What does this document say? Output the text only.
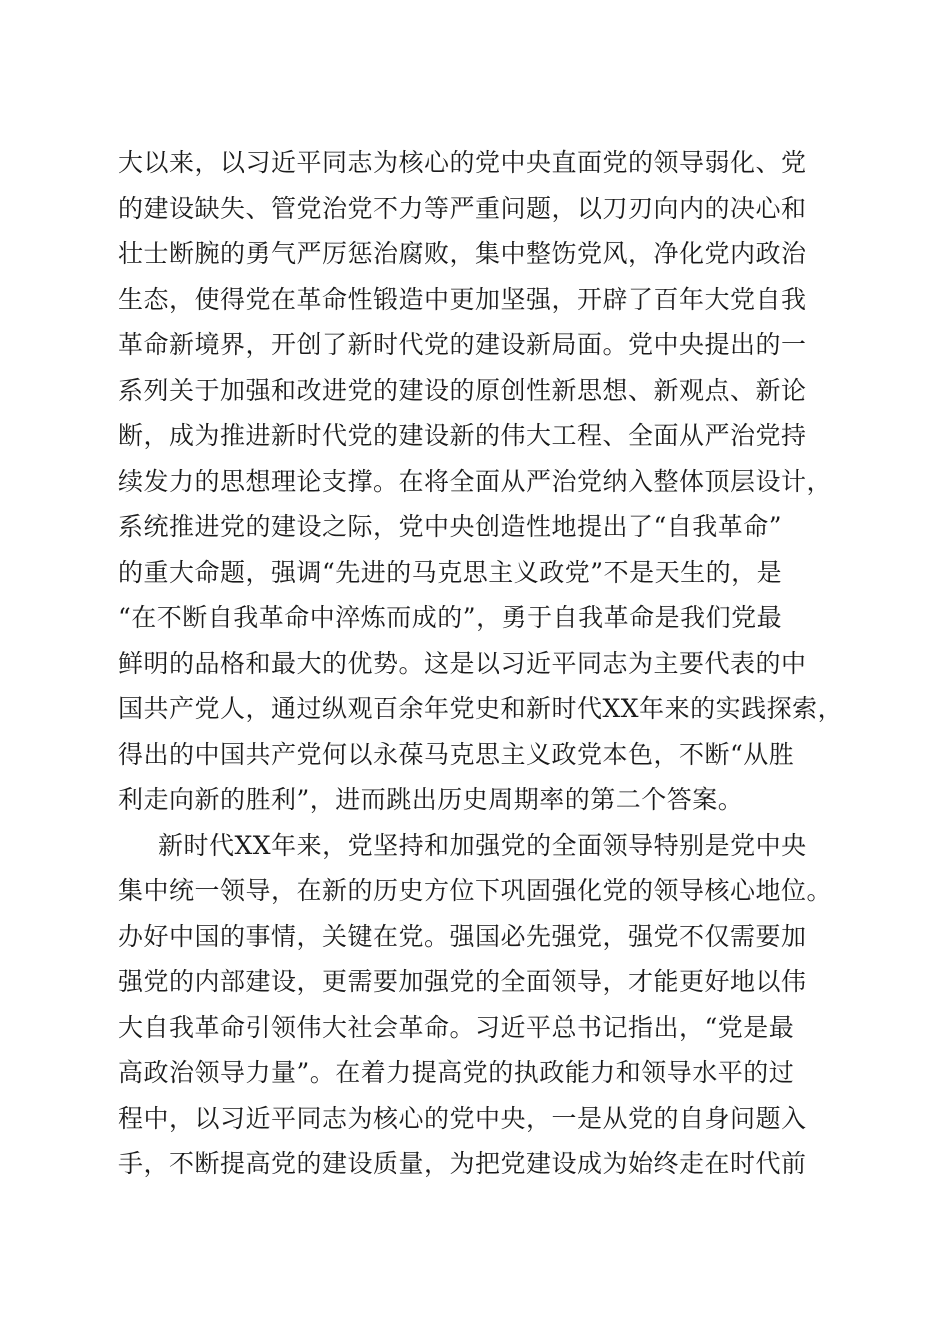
大以来，以习近平同志为核心的党中央直面党的领导弱化、党
的建设缺失、管党治党不力等严重问题，以刀刃向内的决心和
壮士断腕的勇气严厉惩治腐败，集中整饬党风，净化党内政治
生态，使得党在革命性锻造中更加坚强，开辟了百年大党自我
革命新境界，开创了新时代党的建设新局面。党中央提出的一
系列关于加强和改进党的建设的原创性新思想、新观点、新论
断，成为推进新时代党的建设新的伟大工程、全面从严治党持
续发力的思想理论支撑。在将全面从严治党纳入整体顶层设计，
系统推进党的建设之际，党中央创造性地提出了“自我革命”
的重大命题，强调“先进的马克思主义政党”不是天生的，是
“在不断自我革命中淬炼而成的”，勇于自我革命是我们党最
鲜明的品格和最大的优势。这是以习近平同志为主要代表的中
国共产党人，通过纵观百余年党史和新时代XX年来的实践探索，
得出的中国共产党何以永葆马克思主义政党本色，不断“从胜
利走向新的胜利”，进而跳出历史周期率的第二个答案。
新时代XX年来，党坚持和加强党的全面领导特别是党中央
集中统一领导，在新的历史方位下巩固强化党的领导核心地位。
办好中国的事情，关键在党。强国必先强党，强党不仅需要加
强党的内部建设，更需要加强党的全面领导，才能更好地以伟
大自我革命引领伟大社会革命。习近平总书记指出，“党是最
高政治领导力量”。在着力提高党的执政能力和领导水平的过
程中，以习近平同志为核心的党中央，一是从党的自身问题入
手，不断提高党的建设质量，为把党建设成为始终走在时代前
